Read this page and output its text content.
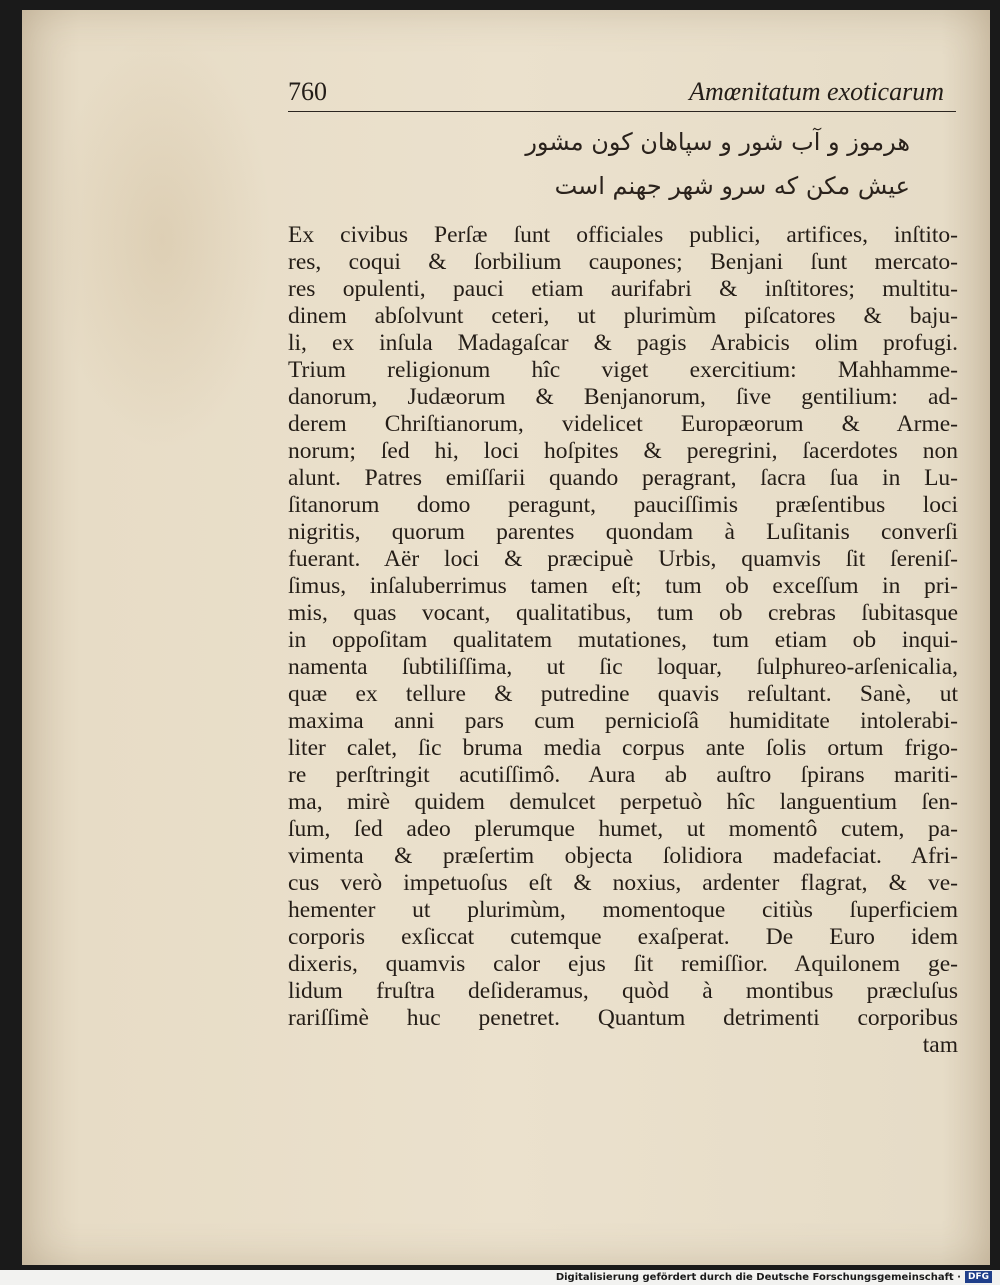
760	Amœnitatum exoticarum
هرموز و آب شور و سپاهان كون مشور
عيش مكن كه سرو شهر جهنم است
Ex civibus Perſæ ſunt officiales publici, artifices, inſtito-
res, coqui & ſorbilium caupones; Benjani ſunt mercato-
res opulenti, pauci etiam aurifabri & inſtitores; multitu-
dinem abſolvunt ceteri, ut plurimùm piſcatores & baju-
li, ex inſula Madagaſcar & pagis Arabicis olim profugi.
Trium religionum hîc viget exercitium: Mahhamme-
danorum, Judæorum & Benjanorum, ſive gentilium: ad-
derem Chriſtianorum, videlicet Europæorum & Arme-
norum; ſed hi, loci hoſpites & peregrini, ſacerdotes non
alunt. Patres emiſſarii quando peragrant, ſacra ſua in Lu-
ſitanorum domo peragunt, pauciſſimis præſentibus loci
nigritis, quorum parentes quondam à Luſitanis converſi
fuerant. Aër loci & præcipuè Urbis, quamvis ſit ſereniſ-
ſimus, inſaluberrimus tamen eſt; tum ob exceſſum in pri-
mis, quas vocant, qualitatibus, tum ob crebras ſubitasque
in oppoſitam qualitatem mutationes, tum etiam ob inqui-
namenta ſubtiliſſima, ut ſic loquar, ſulphureo-arſenicalia,
quæ ex tellure & putredine quavis reſultant. Sanè, ut
maxima anni pars cum pernicioſâ humiditate intolerabi-
liter calet, ſic bruma media corpus ante ſolis ortum frigo-
re perſtringit acutiſſimô. Aura ab auſtro ſpirans mariti-
ma, mirè quidem demulcet perpetuò hîc languentium ſen-
ſum, ſed adeo plerumque humet, ut momentô cutem, pa-
vimenta & præſertim objecta ſolidiora madefaciat. Afri-
cus verò impetuoſus eſt & noxius, ardenter flagrat, & ve-
hementer ut plurimùm, momentoque citiùs ſuperficiem
corporis exſiccat cutemque exaſperat. De Euro idem
dixeris, quamvis calor ejus ſit remiſſior. Aquilonem ge-
lidum fruſtra deſideramus, quòd à montibus præcluſus
rariſſimè huc penetret. Quantum detrimenti corporibus
tam
Digitalisierung gefördert durch die Deutsche Forschungsgemeinschaft · DFG
